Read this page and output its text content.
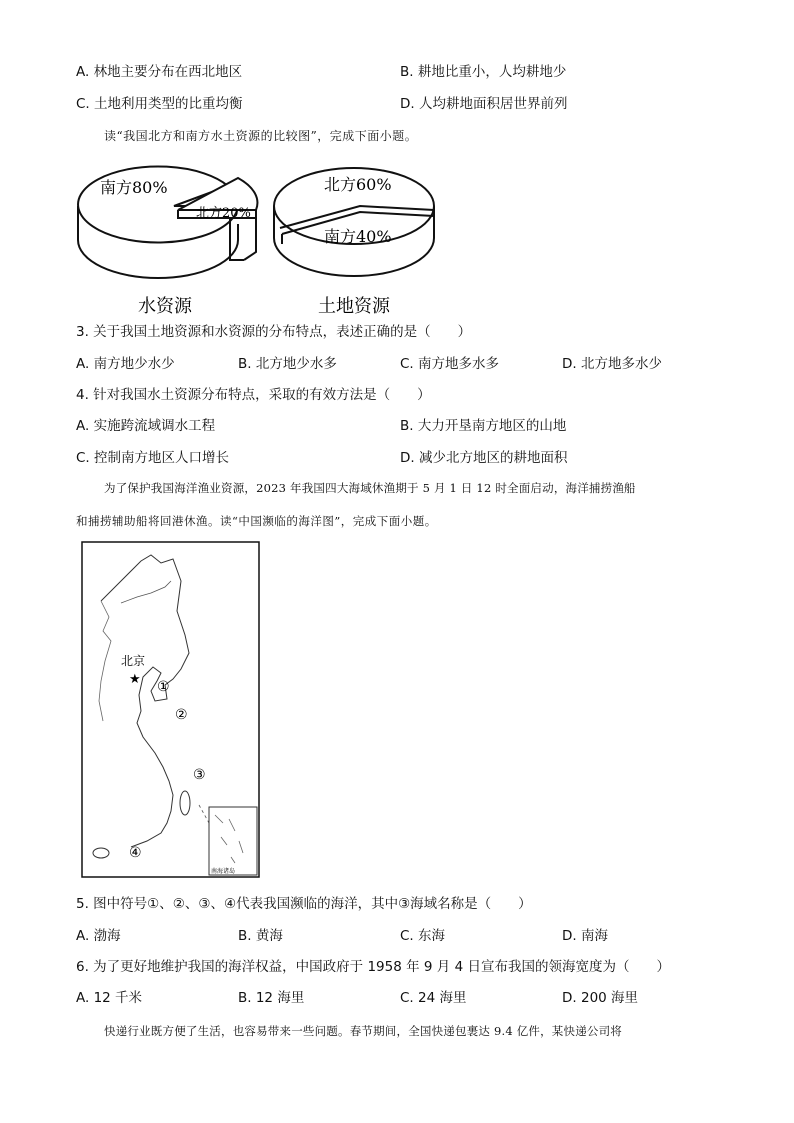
A. 林地主要分布在西北地区	B. 耕地比重小，人均耕地少
C. 土地利用类型的比重均衡	D. 人均耕地面积居世界前列
读“我国北方和南方水土资源的比较图”，完成下面小题。
南方80%
北方20%
水资源
北方60%
南方40%
土地资源
3. 关于我国土地资源和水资源的分布特点，表述正确的是（　　）
A. 南方地少水少	B. 北方地少水多	C. 南方地多水多	D. 北方地多水少
4. 针对我国水土资源分布特点，采取的有效方法是（　　）
A. 实施跨流域调水工程	B. 大力开垦南方地区的山地
C. 控制南方地区人口增长	D. 减少北方地区的耕地面积
为了保护我国海洋渔业资源，2023 年我国四大海域休渔期于 5 月 1 日 12 时全面启动，海洋捕捞渔船
和捕捞辅助船将回港休渔。读“中国濒临的海洋图”，完成下面小题。
南海诸岛
北京
★ ①
②
③
④
5. 图中符号①、②、③、④代表我国濒临的海洋，其中③海域名称是（　　）
A. 渤海	B. 黄海	C. 东海	D. 南海
6. 为了更好地维护我国的海洋权益，中国政府于 1958 年 9 月 4 日宣布我国的领海宽度为（　　）
A. 12 千米	B. 12 海里	C. 24 海里	D. 200 海里
快递行业既方便了生活，也容易带来一些问题。春节期间，全国快递包裹达 9.4 亿件，某快递公司将
